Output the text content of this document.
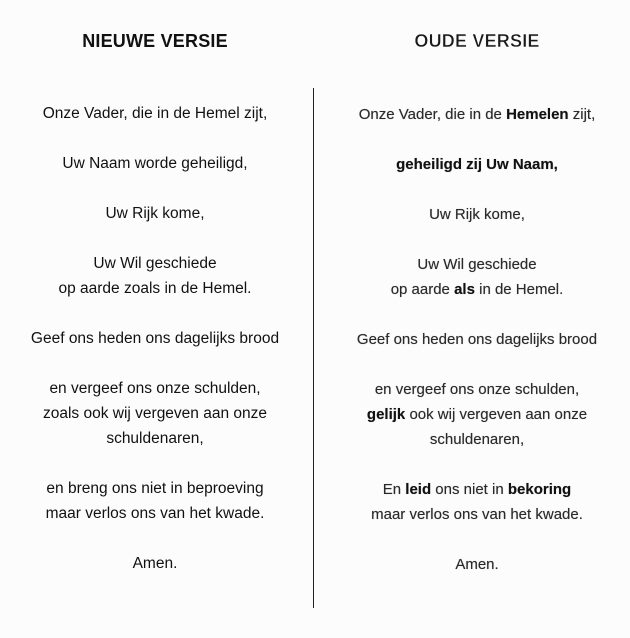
NIEUWE VERSIE
Onze Vader, die in de Hemel zijt,
Uw Naam worde geheiligd,
Uw Rijk kome,
Uw Wil geschiede
op aarde zoals in de Hemel.
Geef ons heden ons dagelijks brood
en vergeef ons onze schulden,
zoals ook wij vergeven aan onze
schuldenaren,
en breng ons niet in beproeving
maar verlos ons van het kwade.
Amen.
OUDE VERSIE
Onze Vader, die in de Hemelen zijt,
geheiligd zij Uw Naam,
Uw Rijk kome,
Uw Wil geschiede
op aarde als in de Hemel.
Geef ons heden ons dagelijks brood
en vergeef ons onze schulden,
gelijk ook wij vergeven aan onze
schuldenaren,
En leid ons niet in bekoring
maar verlos ons van het kwade.
Amen.
